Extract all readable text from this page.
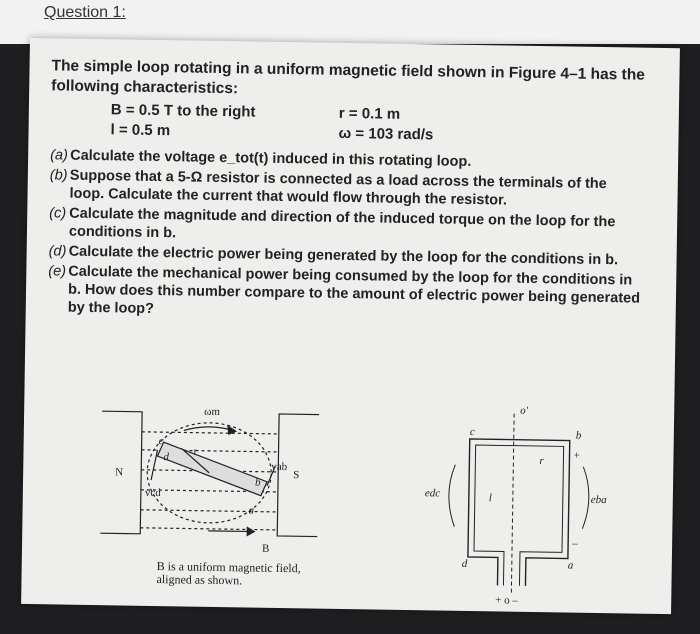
Question 1:
The simple loop rotating in a uniform magnetic field shown in Figure 4–1 has the following characteristics:
B = 0.5 T to the right
l = 0.5 m
r = 0.1 m
ω = 103 rad/s
(a) Calculate the voltage e_tot(t) induced in this rotating loop.
(b) Suppose that a 5-Ω resistor is connected as a load across the terminals of the loop. Calculate the current that would flow through the resistor.
(c) Calculate the magnitude and direction of the induced torque on the loop for the conditions in b.
(d) Calculate the electric power being generated by the loop for the conditions in b.
(e) Calculate the mechanical power being consumed by the loop for the conditions in b. How does this number compare to the amount of electric power being generated by the loop?
ωm
N	S
r
vab
vcd
d
a
b
c
B
o'
c	b
r
l
edc
eba
d	a
+
–
+ o –
B is a uniform magnetic field, aligned as shown.
